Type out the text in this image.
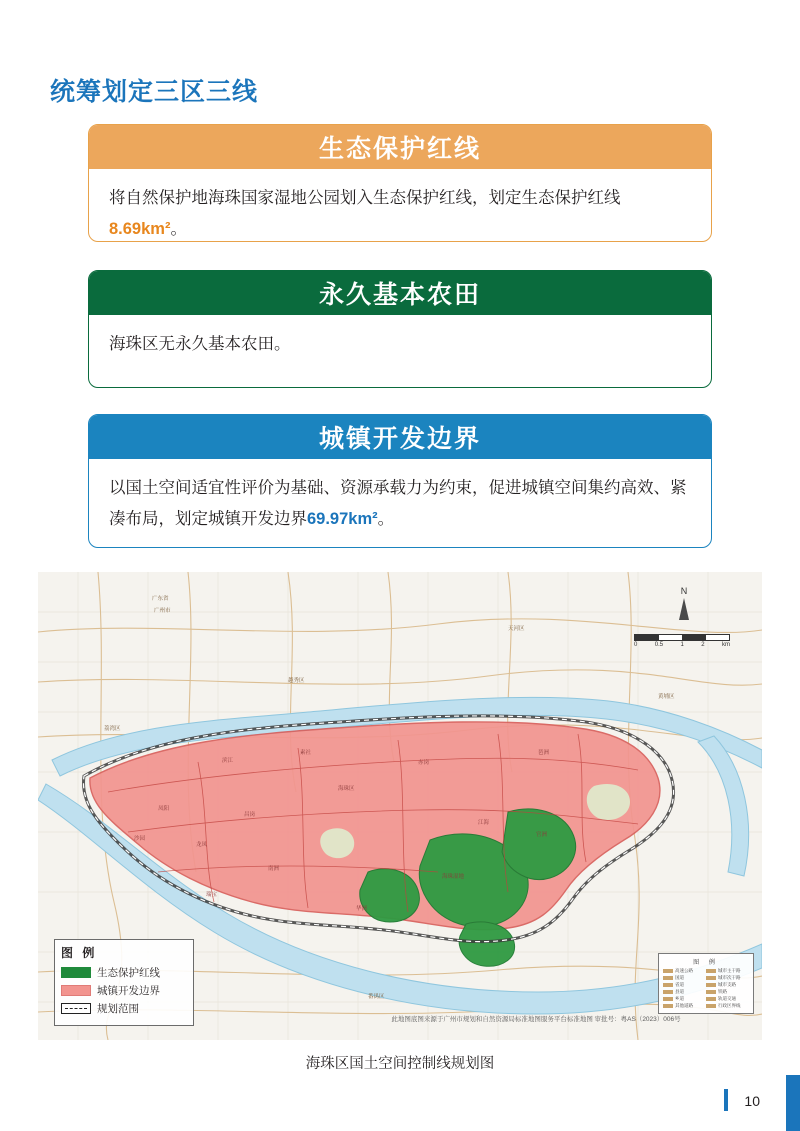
统筹划定三区三线
生态保护红线
将自然保护地海珠国家湿地公园划入生态保护红线，划定生态保护红线8.69km²。
永久基本农田
海珠区无永久基本农田。
城镇开发边界
以国土空间适宜性评价为基础、资源承载力为约束，促进城镇空间集约高效、紧凑布局，划定城镇开发边界69.97km²。
广东省
广州市
天河区
荔湾区
越秀区
黄埔区
番禺区
海珠区
琶洲
赤岗
南洲
江海
昌岗
凤阳
沙园
龙凤
素社
滨江
瑞宝
华洲
官洲
海珠湿地
N
0	0.5	1	2	km
图 例
生态保护红线
城镇开发边界
规划范围
图 例
高速公路	城市主干路
国道	城市次干路
省道	城市支路
县道	铁路
乡道	轨道交通
其他道路	行政区界线
此地图底图来源于广州市规划和自然资源局标准地图服务平台标准地图 审批号：粤AS（2023）006号
海珠区国土空间控制线规划图
10
